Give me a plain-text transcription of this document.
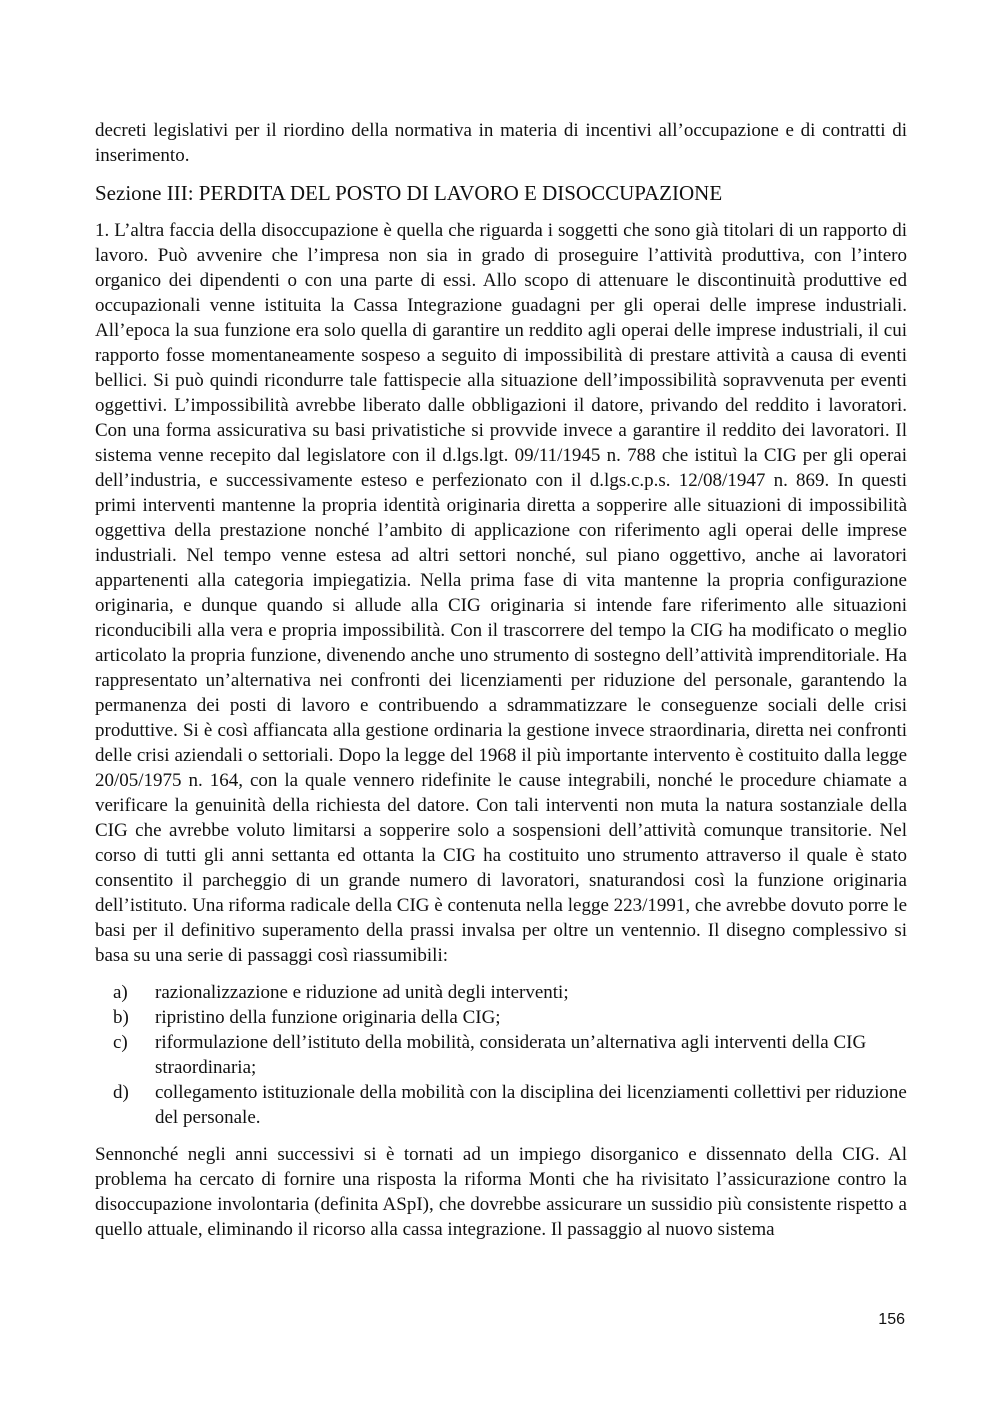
decreti legislativi per il riordino della normativa in materia di incentivi all’occupazione e di contratti di inserimento.

Sezione III: PERDITA DEL POSTO DI LAVORO E DISOCCUPAZIONE

1. L’altra faccia della disoccupazione è quella che riguarda i soggetti che sono già titolari di un rapporto di lavoro. Può avvenire che l’impresa non sia in grado di proseguire l’attività produttiva, con l’intero organico dei dipendenti o con una parte di essi. Allo scopo di attenuare le discontinuità produttive ed occupazionali venne istituita la Cassa Integrazione guadagni per gli operai delle imprese industriali. All’epoca la sua funzione era solo quella di garantire un reddito agli operai delle imprese industriali, il cui rapporto fosse momentaneamente sospeso a seguito di impossibilità di prestare attività a causa di eventi bellici. Si può quindi ricondurre tale fattispecie alla situazione dell’impossibilità sopravvenuta per eventi oggettivi. L’impossibilità avrebbe liberato dalle obbligazioni il datore, privando del reddito i lavoratori. Con una forma assicurativa su basi privatistiche si provvide invece a garantire il reddito dei lavoratori. Il sistema venne recepito dal legislatore con il d.lgs.lgt. 09/11/1945 n. 788 che istituì la CIG per gli operai dell’industria, e successivamente esteso e perfezionato con il d.lgs.c.p.s. 12/08/1947 n. 869. In questi primi interventi mantenne la propria identità originaria diretta a sopperire alle situazioni di impossibilità oggettiva della prestazione nonché l’ambito di applicazione con riferimento agli operai delle imprese industriali. Nel tempo venne estesa ad altri settori nonché, sul piano oggettivo, anche ai lavoratori appartenenti alla categoria impiegatizia. Nella prima fase di vita mantenne la propria configurazione originaria, e dunque quando si allude alla CIG originaria si intende fare riferimento alle situazioni riconducibili alla vera e propria impossibilità. Con il trascorrere del tempo la CIG ha modificato o meglio articolato la propria funzione, divenendo anche uno strumento di sostegno dell’attività imprenditoriale. Ha rappresentato un’alternativa nei confronti dei licenziamenti per riduzione del personale, garantendo la permanenza dei posti di lavoro e contribuendo a sdrammatizzare le conseguenze sociali delle crisi produttive. Si è così affiancata alla gestione ordinaria la gestione invece straordinaria, diretta nei confronti delle crisi aziendali o settoriali. Dopo la legge del 1968 il più importante intervento è costituito dalla legge 20/05/1975 n. 164, con la quale vennero ridefinite le cause integrabili, nonché le procedure chiamate a verificare la genuinità della richiesta del datore. Con tali interventi non muta la natura sostanziale della CIG che avrebbe voluto limitarsi a sopperire solo a sospensioni dell’attività comunque transitorie. Nel corso di tutti gli anni settanta ed ottanta la CIG ha costituito uno strumento attraverso il quale è stato consentito il parcheggio di un grande numero di lavoratori, snaturandosi così la funzione originaria dell’istituto. Una riforma radicale della CIG è contenuta nella legge 223/1991, che avrebbe dovuto porre le basi per il definitivo superamento della prassi invalsa per oltre un ventennio. Il disegno complessivo si basa su una serie di passaggi così riassumibili:

a)	razionalizzazione e riduzione ad unità degli interventi;
b)	ripristino della funzione originaria della CIG;
c)	riformulazione dell’istituto della mobilità, considerata un’alternativa agli interventi della CIG straordinaria;
d)	collegamento istituzionale della mobilità con la disciplina dei licenziamenti collettivi per riduzione del personale.

Sennonché negli anni successivi si è tornati ad un impiego disorganico e dissennato della CIG. Al problema ha cercato di fornire una risposta la riforma Monti che ha rivisitato l’assicurazione contro la disoccupazione involontaria (definita ASpI), che dovrebbe assicurare un sussidio più consistente rispetto a quello attuale, eliminando il ricorso alla cassa integrazione. Il passaggio al nuovo sistema

156
